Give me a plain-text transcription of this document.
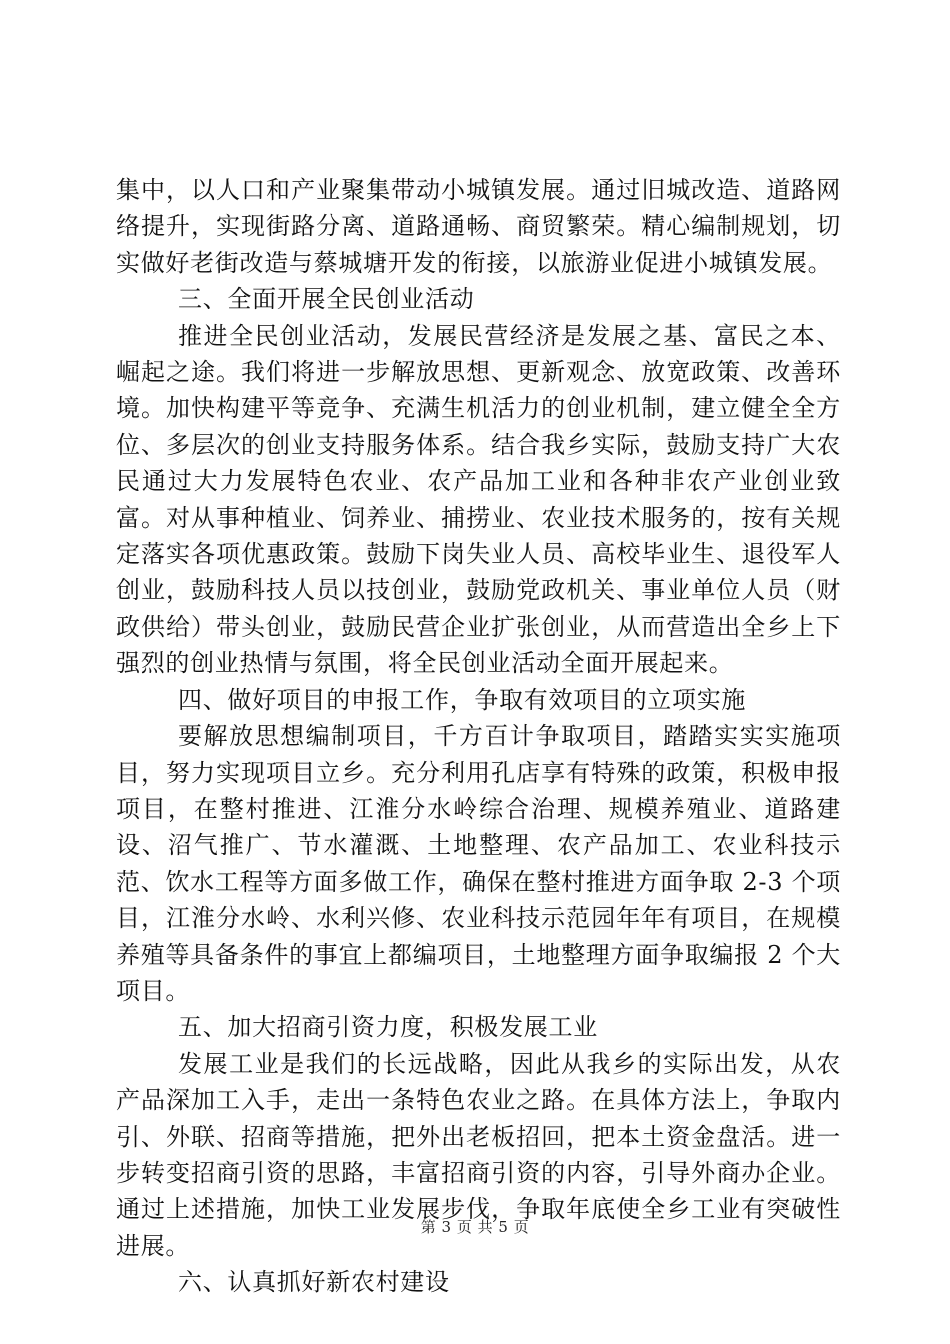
集中，以人口和产业聚集带动小城镇发展。通过旧城改造、道路网络提升，实现街路分离、道路通畅、商贸繁荣。精心编制规划，切实做好老街改造与蔡城塘开发的衔接，以旅游业促进小城镇发展。

三、全面开展全民创业活动

推进全民创业活动，发展民营经济是发展之基、富民之本、崛起之途。我们将进一步解放思想、更新观念、放宽政策、改善环境。加快构建平等竞争、充满生机活力的创业机制，建立健全全方位、多层次的创业支持服务体系。结合我乡实际，鼓励支持广大农民通过大力发展特色农业、农产品加工业和各种非农产业创业致富。对从事种植业、饲养业、捕捞业、农业技术服务的，按有关规定落实各项优惠政策。鼓励下岗失业人员、高校毕业生、退役军人创业，鼓励科技人员以技创业，鼓励党政机关、事业单位人员（财政供给）带头创业，鼓励民营企业扩张创业，从而营造出全乡上下强烈的创业热情与氛围，将全民创业活动全面开展起来。

四、做好项目的申报工作，争取有效项目的立项实施

要解放思想编制项目，千方百计争取项目，踏踏实实实施项目，努力实现项目立乡。充分利用孔店享有特殊的政策，积极申报项目，在整村推进、江淮分水岭综合治理、规模养殖业、道路建设、沼气推广、节水灌溉、土地整理、农产品加工、农业科技示范、饮水工程等方面多做工作，确保在整村推进方面争取 2-3 个项目，江淮分水岭、水利兴修、农业科技示范园年年有项目，在规模养殖等具备条件的事宜上都编项目，土地整理方面争取编报 2 个大项目。

五、加大招商引资力度，积极发展工业

发展工业是我们的长远战略，因此从我乡的实际出发，从农产品深加工入手，走出一条特色农业之路。在具体方法上，争取内引、外联、招商等措施，把外出老板招回，把本土资金盘活。进一步转变招商引资的思路，丰富招商引资的内容，引导外商办企业。通过上述措施，加快工业发展步伐，争取年底使全乡工业有突破性进展。

六、认真抓好新农村建设

第 3 页 共 5 页
